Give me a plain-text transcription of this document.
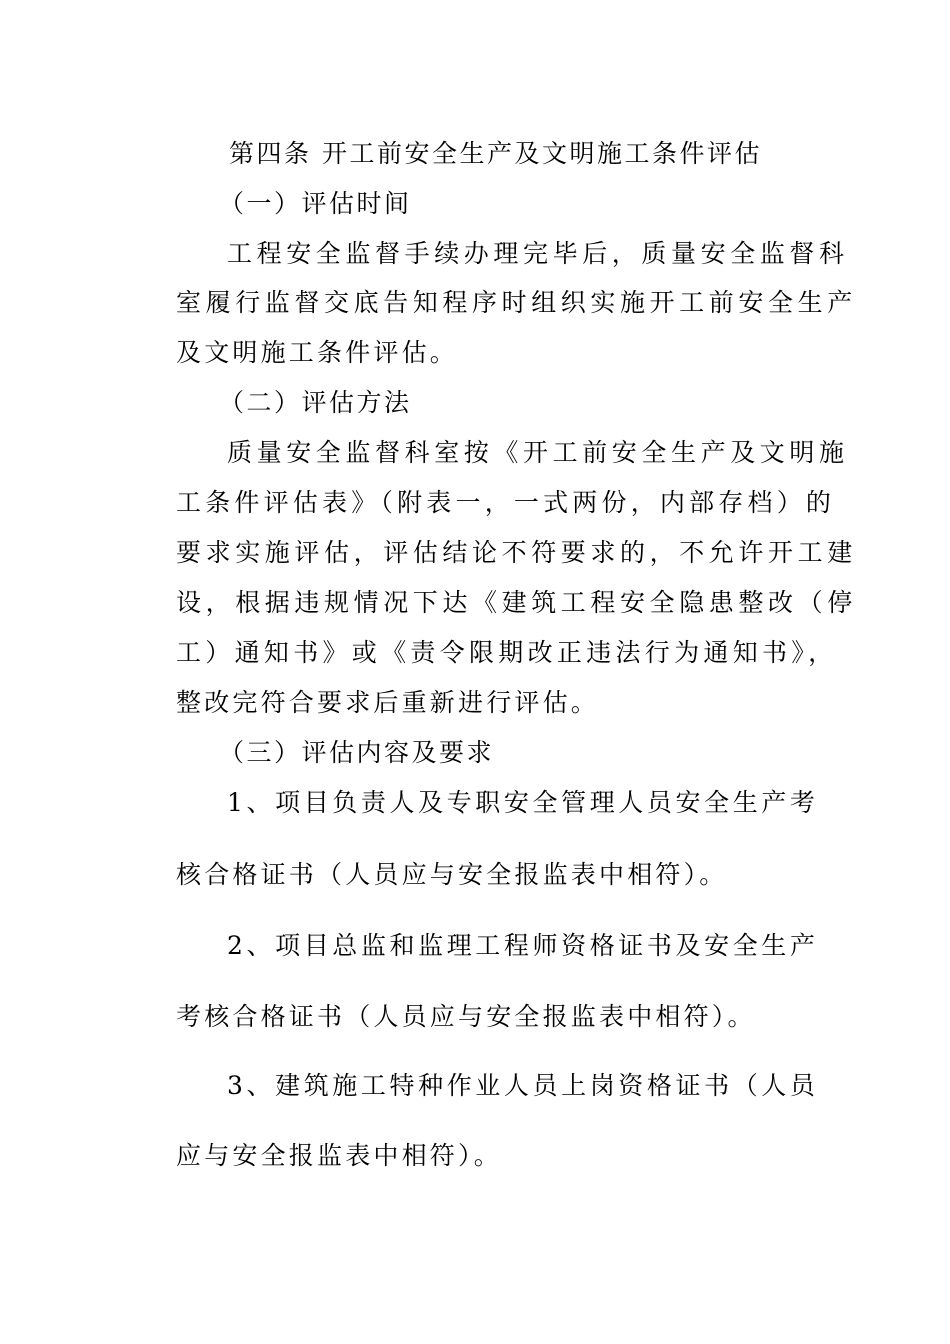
第四条 开工前安全生产及文明施工条件评估

（一）评估时间

工程安全监督手续办理完毕后，质量安全监督科

室履行监督交底告知程序时组织实施开工前安全生产

及文明施工条件评估。

（二）评估方法

质量安全监督科室按《开工前安全生产及文明施

工条件评估表》（附表一，一式两份，内部存档）的

要求实施评估，评估结论不符要求的，不允许开工建

设，根据违规情况下达《建筑工程安全隐患整改（停

工）通知书》或《责令限期改正违法行为通知书》，

整改完符合要求后重新进行评估。

（三）评估内容及要求

1、项目负责人及专职安全管理人员安全生产考

核合格证书（人员应与安全报监表中相符）。

2、项目总监和监理工程师资格证书及安全生产

考核合格证书（人员应与安全报监表中相符）。

3、建筑施工特种作业人员上岗资格证书（人员

应与安全报监表中相符）。
